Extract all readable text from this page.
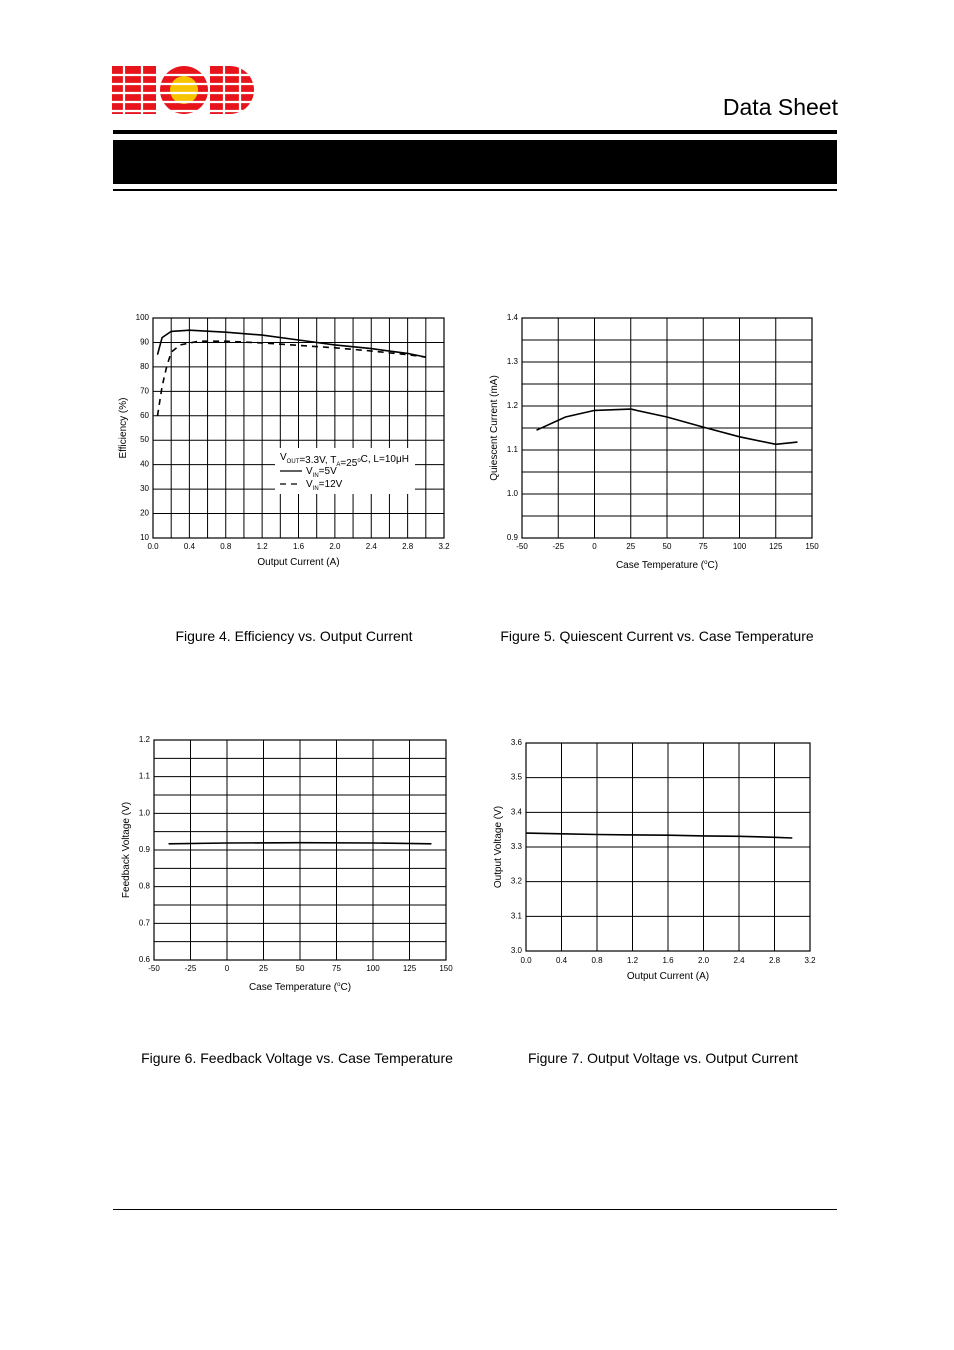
Data Sheet
0.0	0.4	0.8	1.2	1.6	2.0	2.4	2.8	3.2
10
20
30
40
50
60
70
80
90
100
Output Current (A)
Efficiency (%)	$V_{OUT}=3.3V$, $T_A=25^oC$, L=10μH
$V_{IN}=5V$
$V_{IN}=12V$
-50	-25	0	25	50	75	100	125	150
0.9
1.0
1.1
1.2
1.3
1.4
Case Temperature ($^o$C)
Quiescent Current (mA)
-50	-25	0	25	50	75	100	125	150
0.6
0.7
0.8
0.9
1.0
1.1
1.2
Case Temperature ($^o$C)
Feedback Voltage (V)
0.0	0.4	0.8	1.2	1.6	2.0	2.4	2.8	3.2
3.0
3.1
3.2
3.3
3.4
3.5
3.6
Output Current (A)
Output Voltage (V)
Figure 4. Efficiency vs. Output Current	Figure 5. Quiescent Current vs. Case Temperature
Figure 6. Feedback Voltage vs. Case Temperature	Figure 7. Output Voltage vs. Output Current
